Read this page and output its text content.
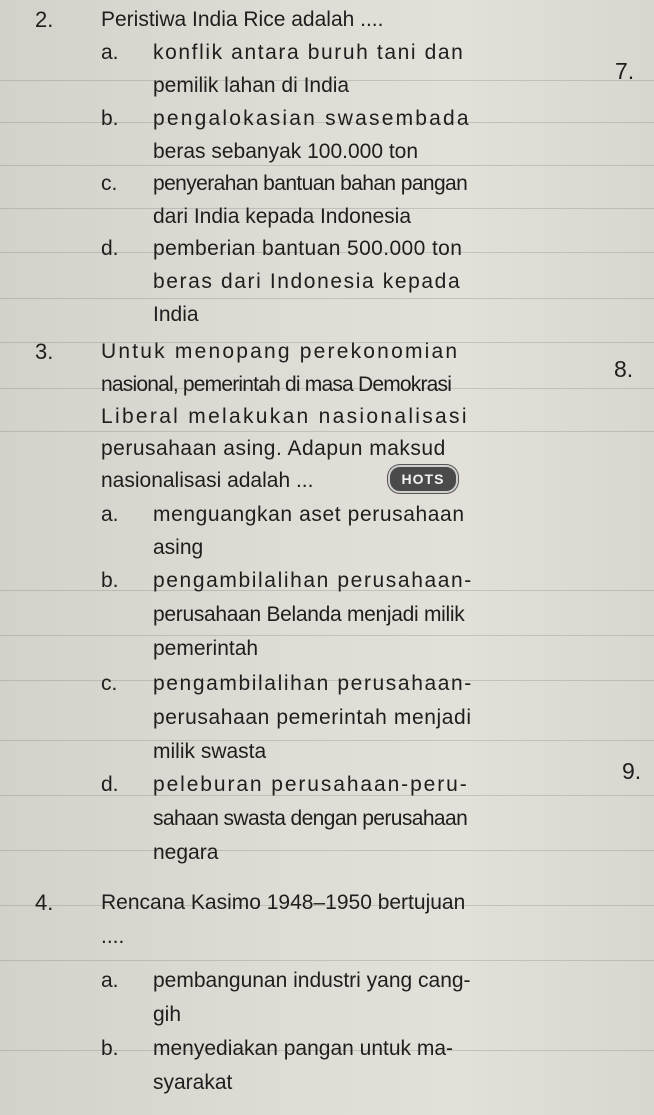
2. Peristiwa India Rice adalah ....
a. konflik antara buruh tani dan
pemilik lahan di India
b. pengalokasian swasembada
beras sebanyak 100.000 ton
c. penyerahan bantuan bahan pangan
dari India kepada Indonesia
d. pemberian bantuan 500.000 ton
beras dari Indonesia kepada
India
3. Untuk menopang perekonomian
nasional, pemerintah di masa Demokrasi
Liberal melakukan nasionalisasi
perusahaan asing. Adapun maksud
nasionalisasi adalah ...	HOTS
a. menguangkan aset perusahaan
asing
b. pengambilalihan perusahaan-
perusahaan Belanda menjadi milik
pemerintah
c. pengambilalihan perusahaan-
perusahaan pemerintah menjadi
milik swasta
d. peleburan perusahaan-peru-
sahaan swasta dengan perusahaan
negara
4. Rencana Kasimo 1948–1950 bertujuan
....
a. pembangunan industri yang cang-
gih
b. menyediakan pangan untuk ma-
syarakat
7.
8.
9.
